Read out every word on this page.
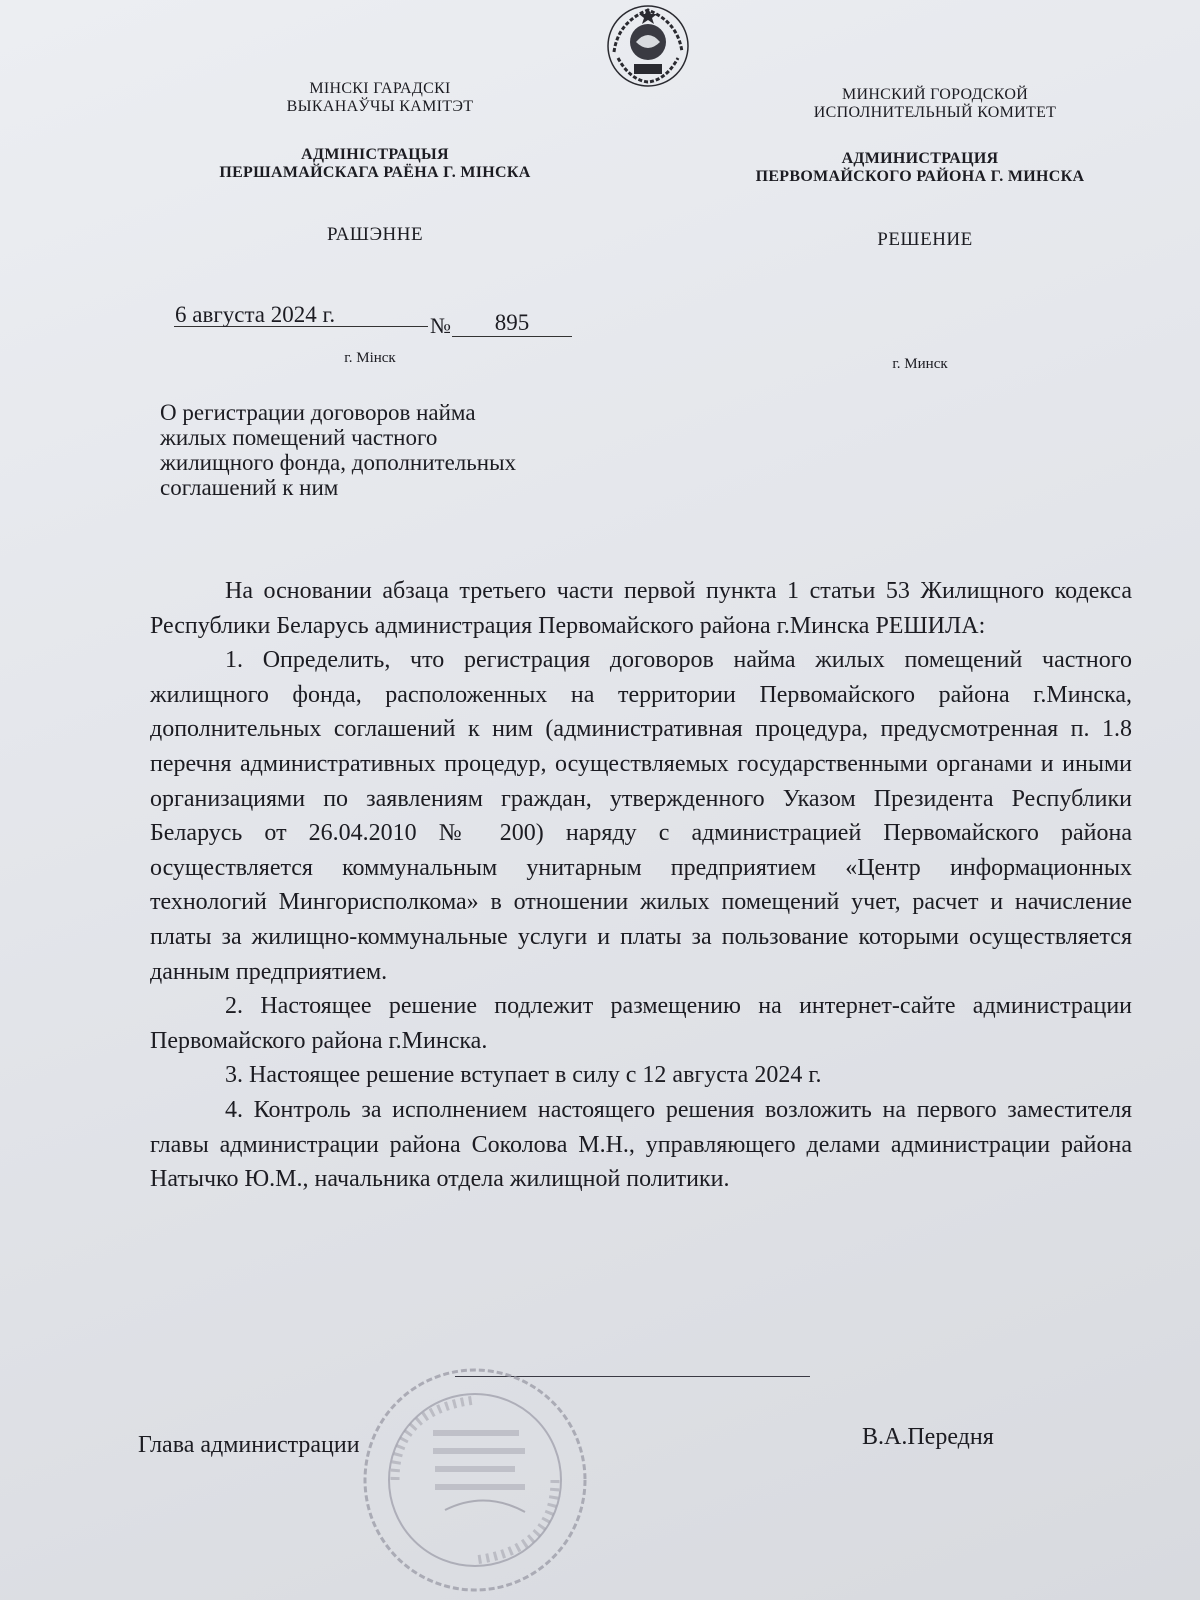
МІНСКІ ГАРАДСКІ
ВЫКАНАЎЧЫ КАМІТЭТ
МИНСКИЙ ГОРОДСКОЙ
ИСПОЛНИТЕЛЬНЫЙ КОМИТЕТ
АДМІНІСТРАЦЫЯ
ПЕРШАМАЙСКАГА РАЁНА Г. МІНСКА
АДМИНИСТРАЦИЯ
ПЕРВОМАЙСКОГО РАЙОНА Г. МИНСКА
РАШЭННЕ	РЕШЕНИЕ

6 августа 2024 г.	№	895
г. Мінск	г. Минск
О регистрации договоров найма
жилых помещений частного
жилищного фонда, дополнительных
соглашений к ним

На основании абзаца третьего части первой пункта 1 статьи 53 Жилищного кодекса Республики Беларусь администрация Первомайского района г.Минска РЕШИЛА:

1. Определить, что регистрация договоров найма жилых помещений частного жилищного фонда, расположенных на территории Первомайского района г.Минска, дополнительных соглашений к ним (административная процедура, предусмотренная п. 1.8 перечня административных процедур, осуществляемых государственными органами и иными организациями по заявлениям граждан, утвержденного Указом Президента Республики Беларусь от 26.04.2010 № 200) наряду с администрацией Первомайского района осуществляется коммунальным унитарным предприятием «Центр информационных технологий Мингорисполкома» в отношении жилых помещений учет, расчет и начисление платы за жилищно-коммунальные услуги и платы за пользование которыми осуществляется данным предприятием.

2. Настоящее решение подлежит размещению на интернет-сайте администрации Первомайского района г.Минска.

3. Настоящее решение вступает в силу с 12 августа 2024 г.

4. Контроль за исполнением настоящего решения возложить на первого заместителя главы администрации района Соколова М.Н., управляющего делами администрации района Натычко Ю.М., начальника отдела жилищной политики.

Глава администрации	В.А.Передня
